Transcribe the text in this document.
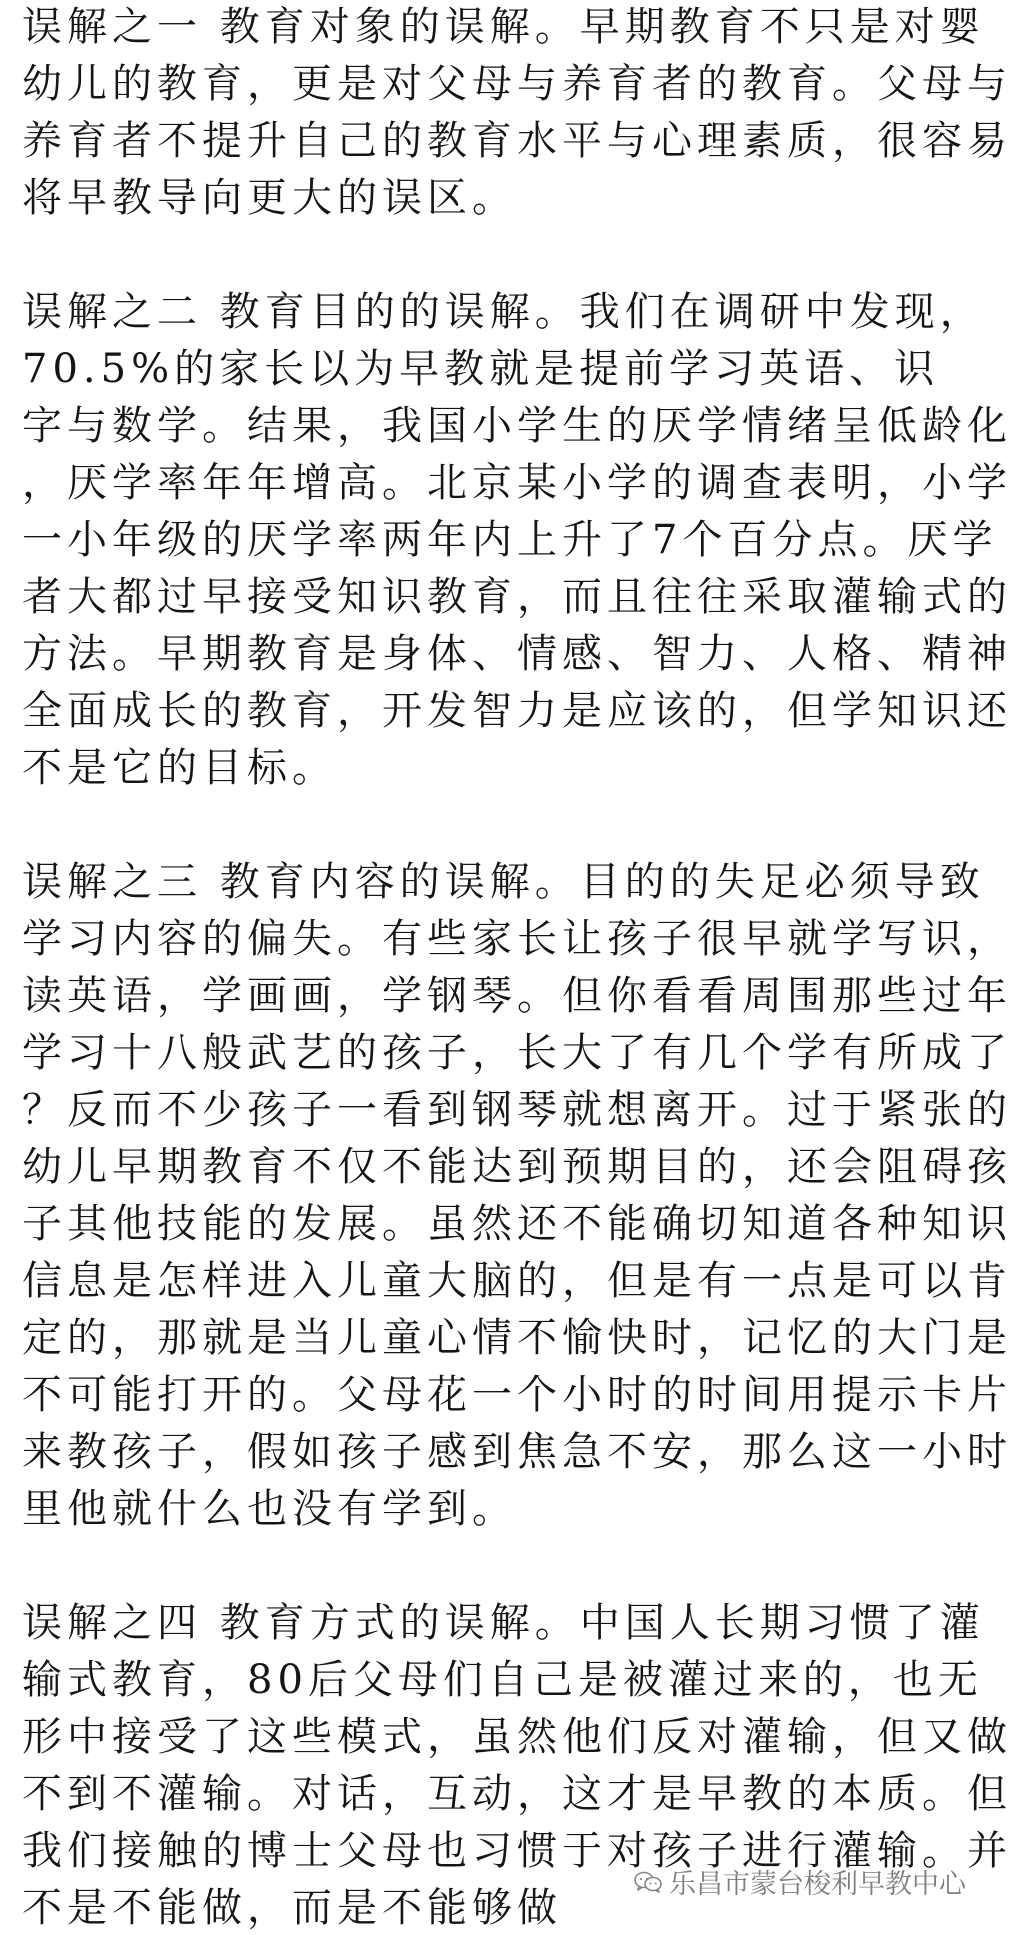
误解之一 教育对象的误解。早期教育不只是对婴
幼儿的教育，更是对父母与养育者的教育。父母与
养育者不提升自己的教育水平与心理素质，很容易
将早教导向更大的误区。
误解之二 教育目的的误解。我们在调研中发现，
70.5%的家长以为早教就是提前学习英语、识
字与数学。结果，我国小学生的厌学情绪呈低龄化
，厌学率年年增高。北京某小学的调查表明，小学
一小年级的厌学率两年内上升了7个百分点。厌学
者大都过早接受知识教育，而且往往采取灌输式的
方法。早期教育是身体、情感、智力、人格、精神
全面成长的教育，开发智力是应该的，但学知识还
不是它的目标。
误解之三 教育内容的误解。目的的失足必须导致
学习内容的偏失。有些家长让孩子很早就学写识，
读英语，学画画，学钢琴。但你看看周围那些过年
学习十八般武艺的孩子，长大了有几个学有所成了
？反而不少孩子一看到钢琴就想离开。过于紧张的
幼儿早期教育不仅不能达到预期目的，还会阻碍孩
子其他技能的发展。虽然还不能确切知道各种知识
信息是怎样进入儿童大脑的，但是有一点是可以肯
定的，那就是当儿童心情不愉快时，记忆的大门是
不可能打开的。父母花一个小时的时间用提示卡片
来教孩子，假如孩子感到焦急不安，那么这一小时
里他就什么也没有学到。
误解之四 教育方式的误解。中国人长期习惯了灌
输式教育，80后父母们自己是被灌过来的，也无
形中接受了这些模式，虽然他们反对灌输，但又做
不到不灌输。对话，互动，这才是早教的本质。但
我们接触的博士父母也习惯于对孩子进行灌输。并
不是不能做，而是不能够做
乐昌市蒙台梭利早教中心
